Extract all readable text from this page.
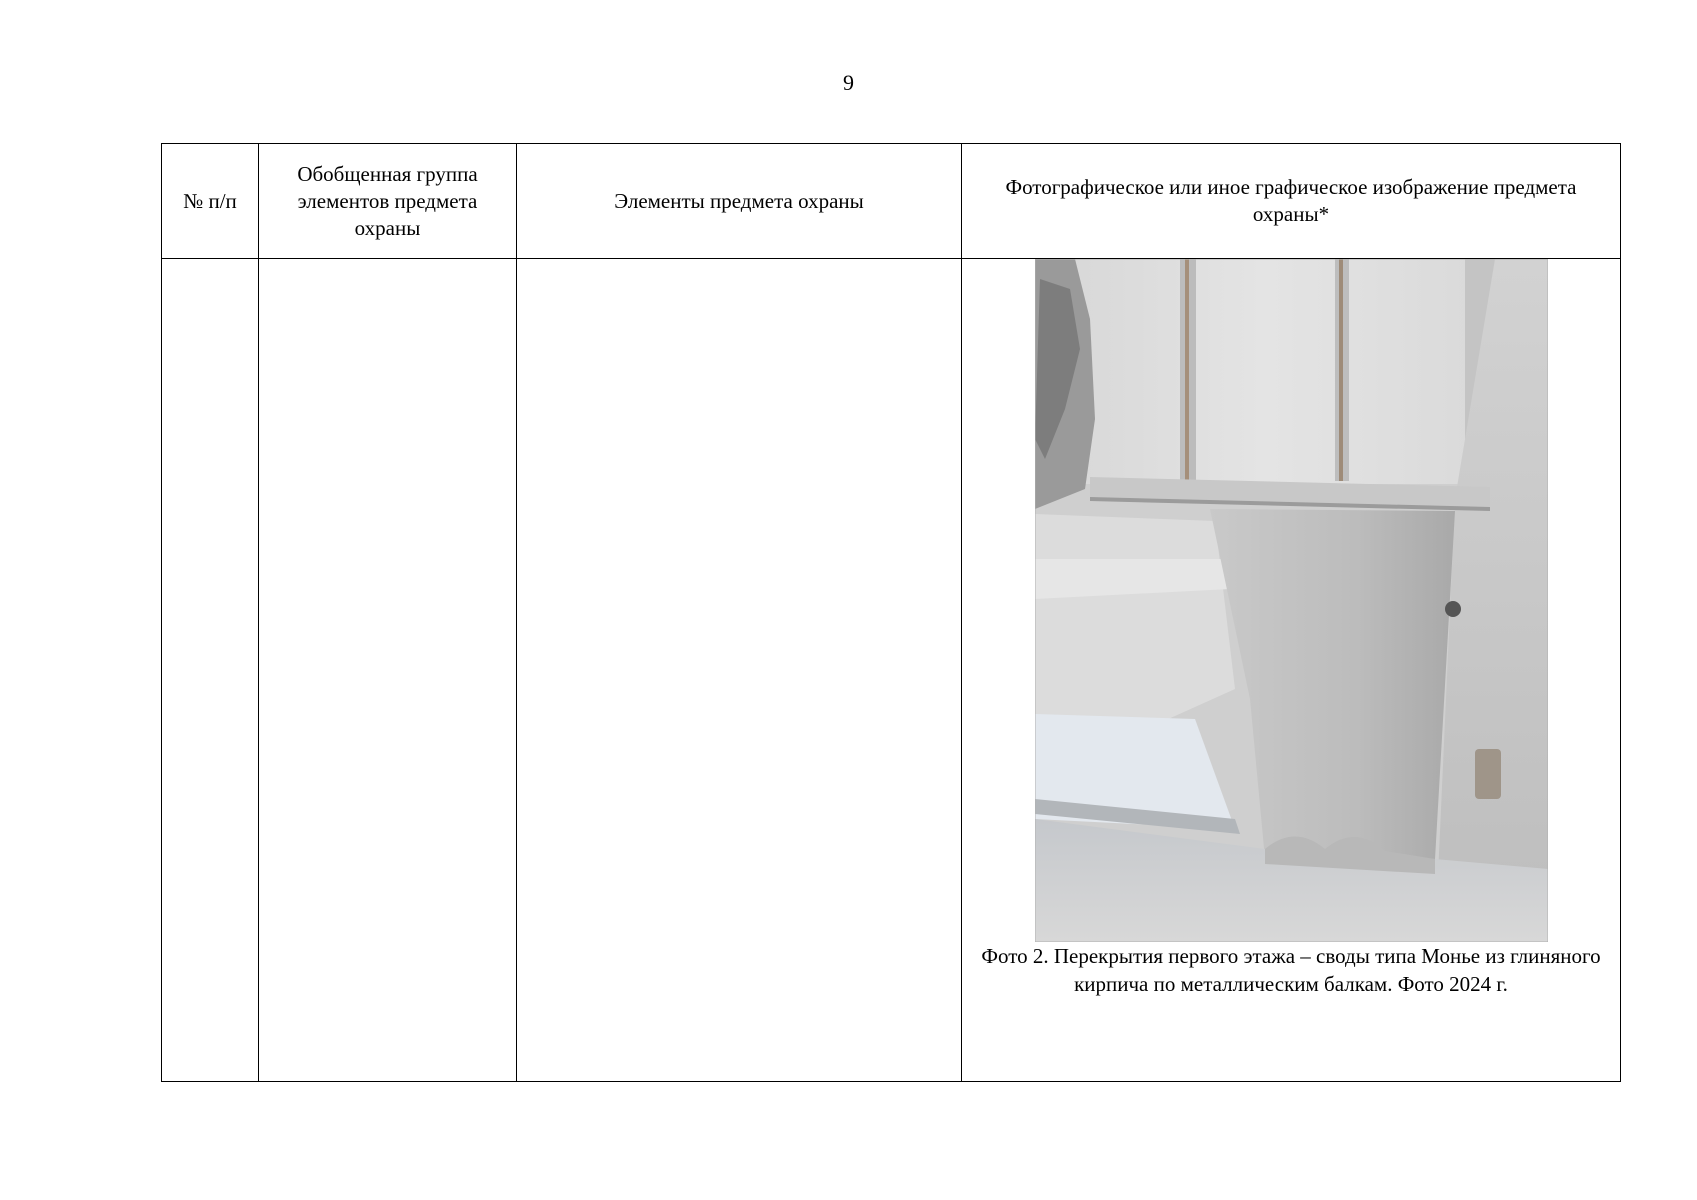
9
№ п/п	Обобщенная группа элементов предмета охраны	Элементы предмета охраны	Фотографическое или иное графическое изображение предмета охраны*

			Фото 2. Перекрытия первого этажа – своды типа Монье из глиняного кирпича по металлическим балкам. Фото 2024 г.
